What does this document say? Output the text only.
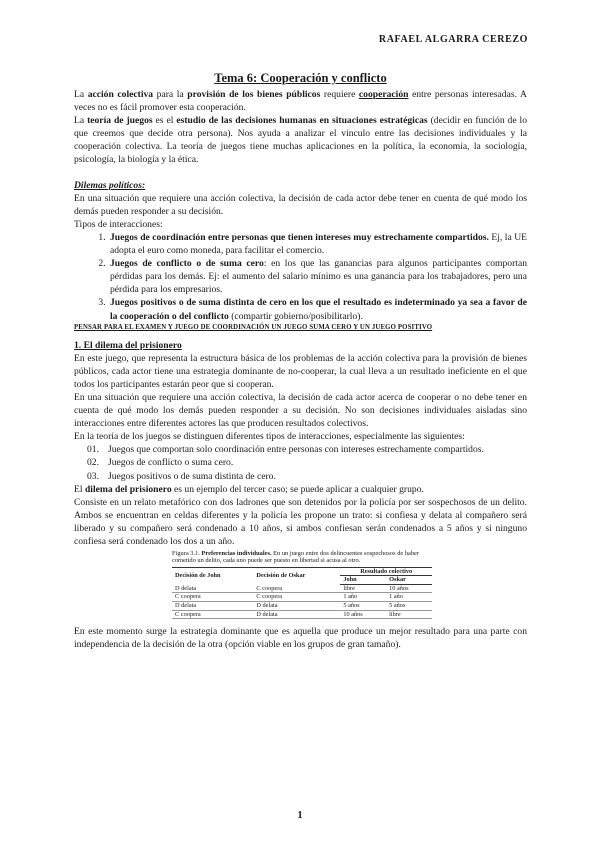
RAFAEL ALGARRA CEREZO
Tema 6: Cooperación y conflicto

La acción colectiva para la provisión de los bienes públicos requiere cooperación entre personas interesadas. A veces no es fácil promover esta cooperación.

La teoría de juegos es el estudio de las decisiones humanas en situaciones estratégicas (decidir en función de lo que creemos que decide otra persona). Nos ayuda a analizar el vínculo entre las decisiones individuales y la cooperación colectiva. La teoría de juegos tiene muchas aplicaciones en la política, la economía, la sociología, psicología, la biología y la ética.

Dilemas políticos:

En una situación que requiere una acción colectiva, la decisión de cada actor debe tener en cuenta de qué modo los demás pueden responder a su decisión.

Tipos de interacciones:

1. Juegos de coordinación entre personas que tienen intereses muy estrechamente compartidos. Ej, la UE adopta el euro como moneda, para facilitar el comercio.
2. Juegos de conflicto o de suma cero: en los que las ganancias para algunos participantes comportan pérdidas para los demás. Ej: el aumento del salario mínimo es una ganancia para los trabajadores, pero una pérdida para los empresarios.
3. Juegos positivos o de suma distinta de cero en los que el resultado es indeterminado ya sea a favor de la cooperación o del conflicto (compartir gobierno/posibilitarlo).

PENSAR PARA EL EXAMEN Y JUEGO DE COORDINACIÓN UN JUEGO SUMA CERO Y UN JUEGO POSITIVO

1. El dilema del prisionero

En este juego, que representa la estructura básica de los problemas de la acción colectiva para la provisión de bienes públicos, cada actor tiene una estrategia dominante de no-cooperar, la cual lleva a un resultado ineficiente en el que todos los participantes estarán peor que si cooperan.

En una situación que requiere una acción colectiva, la decisión de cada actor acerca de cooperar o no debe tener en cuenta de qué modo los demás pueden responder a su decisión. No son decisiones individuales aisladas sino interacciones entre diferentes actores las que producen resultados colectivos.

En la teoría de los juegos se distinguen diferentes tipos de interacciones, especialmente las siguientes:

01. Juegos que comportan solo coordinación entre personas con intereses estrechamente compartidos.
02. Juegos de conflicto o suma cero.
03. Juegos positivos o de suma distinta de cero.

El dilema del prisionero es un ejemplo del tercer caso; se puede aplicar a cualquier grupo.

Consiste en un relato metafórico con dos ladrones que son detenidos por la policía por ser sospechosos de un delito. Ambos se encuentran en celdas diferentes y la policía les propone un trato: si confiesa y delata al compañero será liberado y su compañero será condenado a 10 años, si ambos confiesan serán condenados a 5 años y si ninguno confiesa será condenado los dos a un año.

Figura 3.1. Preferencias individuales. En un juego entre dos delincuentes sospechosos de haber cometido un delito, cada uno puede ser puesto en libertad si acusa al otro.
Decisión de John	Decisión de Oskar	Resultado colectivo	
		John	Oskar
D delata	C coopera	libre	10 años
C coopera	C coopera	1 año	1 año
D delata	D delata	5 años	5 años
C coopera	D delata	10 años	libre

En este momento surge la estrategia dominante que es aquella que produce un mejor resultado para una parte con independencia de la decisión de la otra (opción viable en los grupos de gran tamaño).

1
